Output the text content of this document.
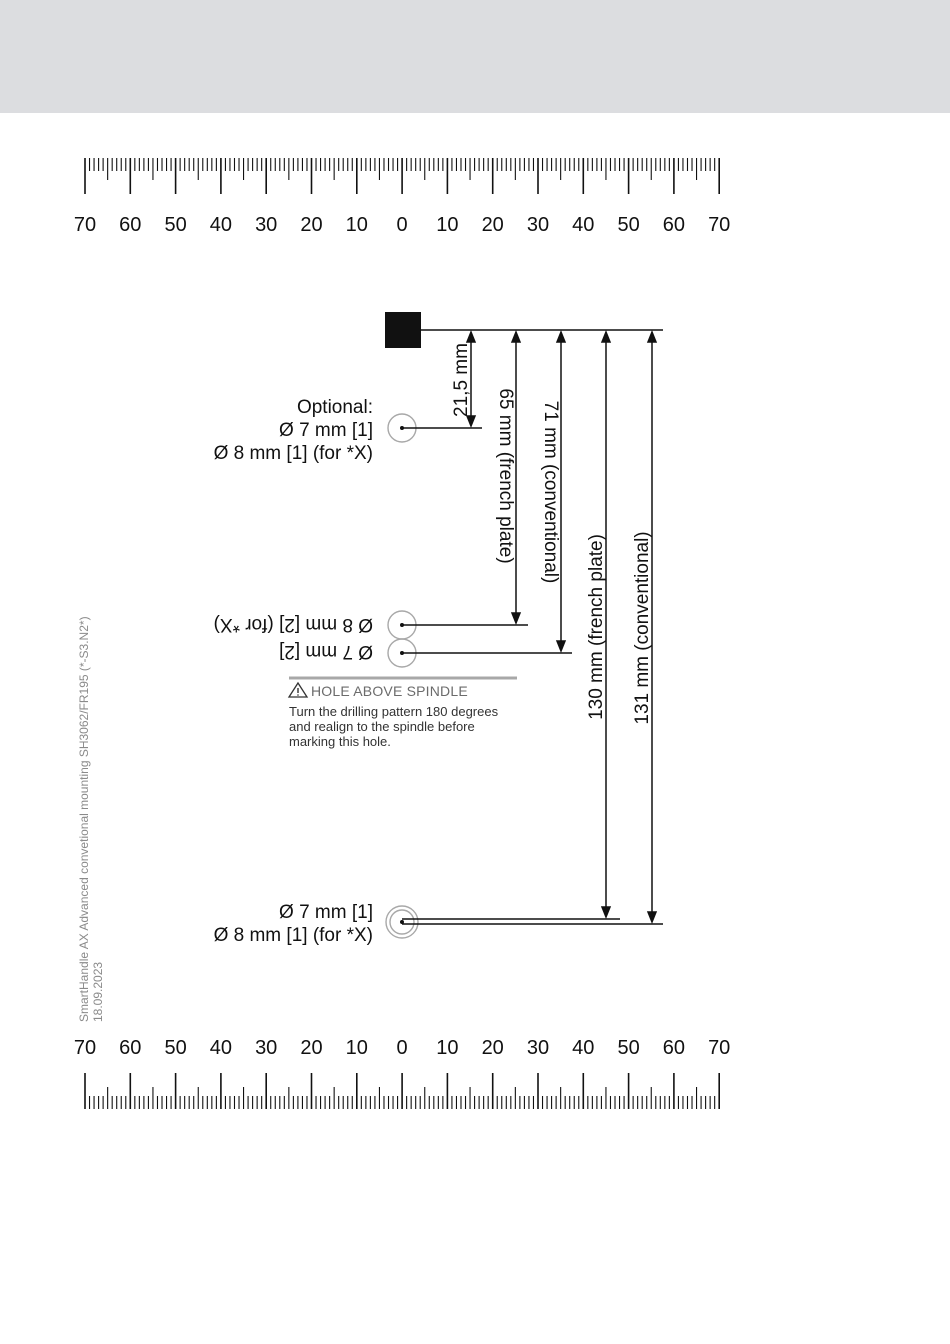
70 60 50 40 30 20 10 0 10 20 30 40 50 60 70
70 60 50 40 30 20 10 0 10 20 30 40 50 60 70
Optional:
Ø 7 mm [1]
Ø 8 mm [1] (for *X)
Ø 8 mm [2] (for *X)
Ø 7 mm [2]
HOLE ABOVE SPINDLE
Turn the drilling pattern 180 degrees
and realign to the spindle before
marking this hole.
Ø 7 mm [1]
Ø 8 mm [1] (for *X)
21,5 mm
65 mm (french plate) 71 mm (conventional)
130 mm (french plate) 131 mm (conventional)
SmartHandle AX Advanced convetional mounting SH3062/FR195 (*-S3.N2*) 18.09.2023
